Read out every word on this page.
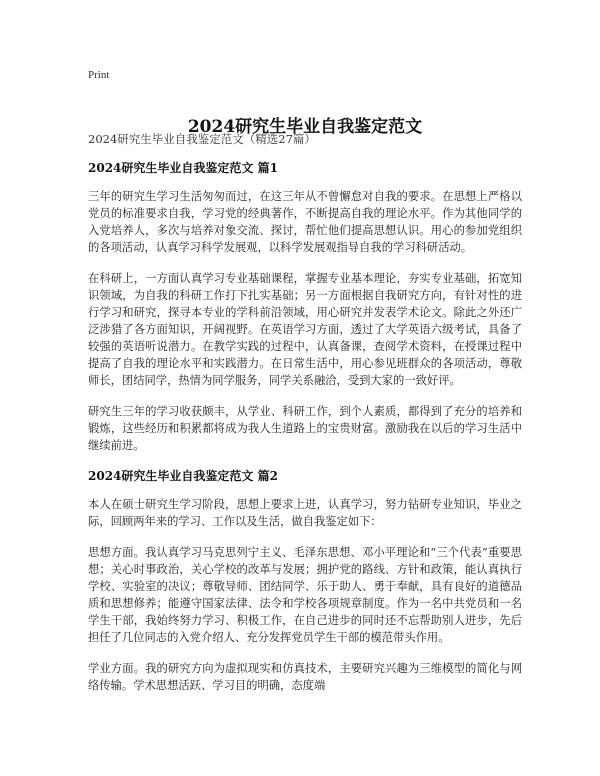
Print
2024研究生毕业自我鉴定范文
2024研究生毕业自我鉴定范文（精选27篇）
2024研究生毕业自我鉴定范文 篇1

三年的研究生学习生活匆匆而过，在这三年从不曾懈怠对自我的要求。在思想上严格以党员的标准要求自我，学习党的经典著作，不断提高自我的理论水平。作为其他同学的入党培养人，多次与培养对象交流、探讨，帮忙他们提高思想认识。用心的参加党组织的各项活动，认真学习科学发展观，以科学发展观指导自我的学习科研活动。

在科研上，一方面认真学习专业基础课程，掌握专业基本理论，夯实专业基础，拓宽知识领域，为自我的科研工作打下扎实基础；另一方面根据自我研究方向，有针对性的进行学习和研究，探寻本专业的学科前沿领域，用心研究并发表学术论文。除此之外还广泛涉猎了各方面知识，开阔视野。在英语学习方面，透过了大学英语六级考试，具备了较强的英语听说潜力。在教学实践的过程中，认真备课，查阅学术资料，在授课过程中提高了自我的理论水平和实践潜力。在日常生活中，用心参见班群众的各项活动，尊敬师长，团结同学，热情为同学服务，同学关系融洽，受到大家的一致好评。

研究生三年的学习收获颇丰，从学业、科研工作，到个人素质，都得到了充分的培养和锻炼，这些经历和积累都将成为我人生道路上的宝贵财富。激励我在以后的学习生活中继续前进。

2024研究生毕业自我鉴定范文 篇2

本人在硕士研究生学习阶段，思想上要求上进，认真学习，努力钻研专业知识，毕业之际，回顾两年来的学习、工作以及生活，做自我鉴定如下：

思想方面。我认真学习马克思列宁主义、毛泽东思想、邓小平理论和“三个代表”重要思想；关心时事政治，关心学校的改革与发展；拥护党的路线、方针和政策，能认真执行学校、实验室的决议；尊敬导师、团结同学、乐于助人、勇于奉献，具有良好的道德品质和思想修养；能遵守国家法律、法令和学校各项规章制度。作为一名中共党员和一名学生干部，我始终努力学习、积极工作，在自己进步的同时还不忘帮助别人进步，先后担任了几位同志的入党介绍人、充分发挥党员学生干部的模范带头作用。

学业方面。我的研究方向为虚拟现实和仿真技术，主要研究兴趣为三维模型的简化与网络传输。学术思想活跃、学习目的明确，态度端
